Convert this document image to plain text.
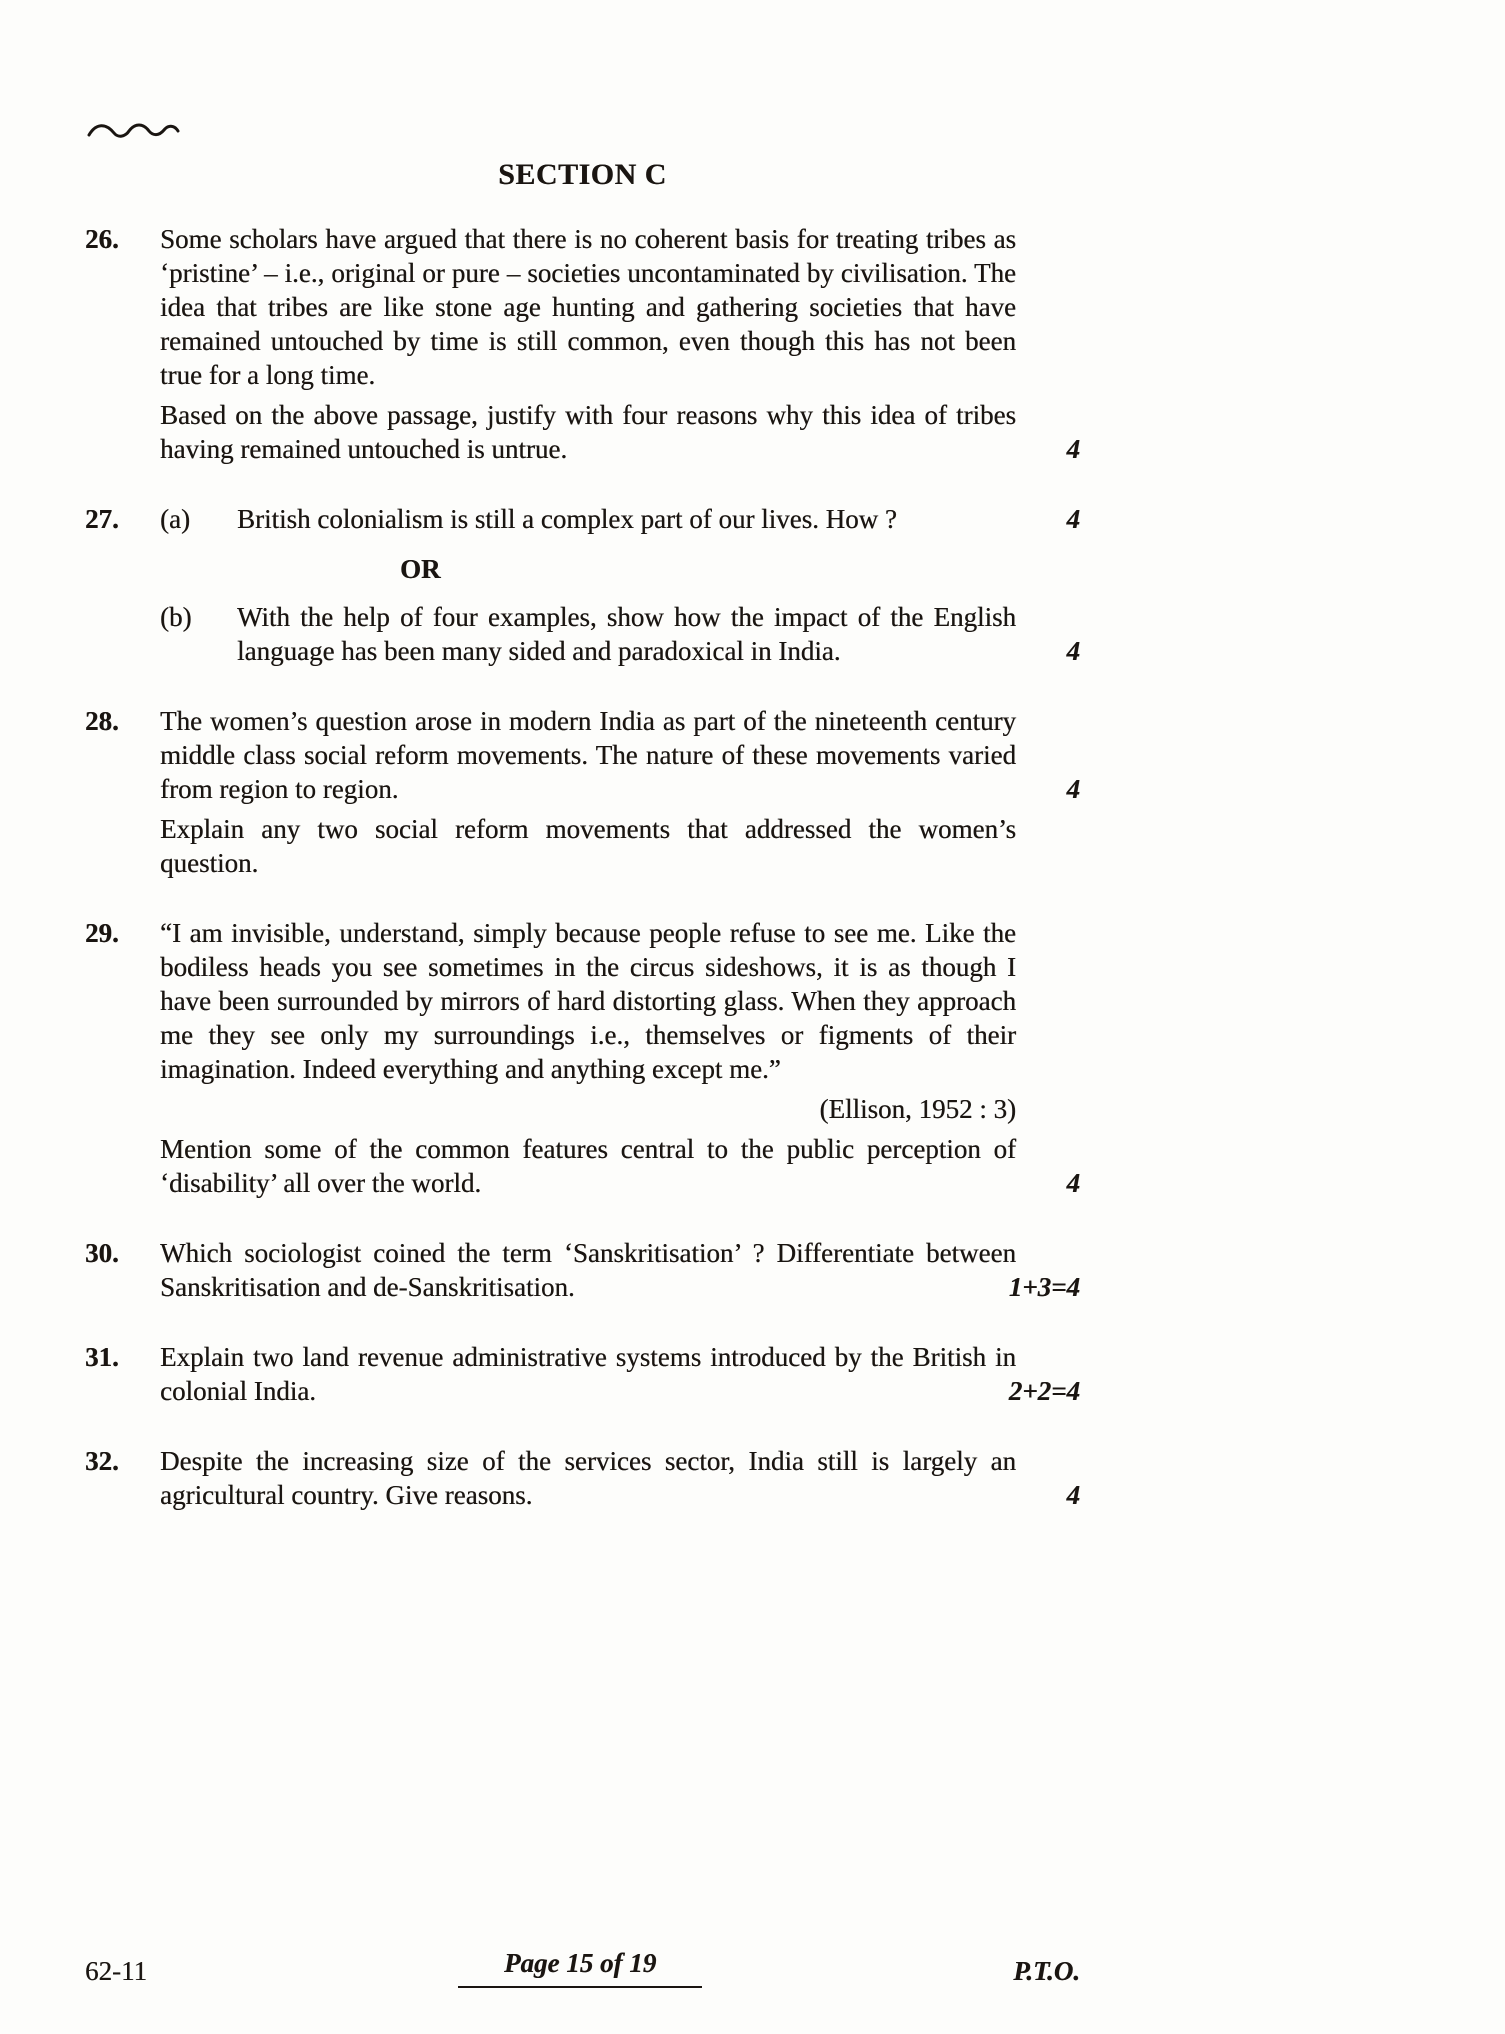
SECTION C
26.	Some scholars have argued that there is no coherent basis for treating tribes as ‘pristine’ – i.e., original or pure – societies uncontaminated by civilisation. The idea that tribes are like stone age hunting and gathering societies that have remained untouched by time is still common, even though this has not been true for a long time.

Based on the above passage, justify with four reasons why this idea of tribes having remained untouched is untrue.	4

27.	(a)	British colonialism is still a complex part of our lives. How ?	4

OR
(b)	With the help of four examples, show how the impact of the English language has been many sided and paradoxical in India.	4

28.	The women’s question arose in modern India as part of the nineteenth century middle class social reform movements. The nature of these movements varied from region to region.	4

Explain any two social reform movements that addressed the women’s question.

29.	“I am invisible, understand, simply because people refuse to see me. Like the bodiless heads you see sometimes in the circus sideshows, it is as though I have been surrounded by mirrors of hard distorting glass. When they approach me they see only my surroundings i.e., themselves or figments of their imagination. Indeed everything and anything except me.”

(Ellison, 1952 : 3)

Mention some of the common features central to the public perception of ‘disability’ all over the world.	4

30.	Which sociologist coined the term ‘Sanskritisation’ ? Differentiate between Sanskritisation and de-Sanskritisation.	1+3=4

31.	Explain two land revenue administrative systems introduced by the British in colonial India.	2+2=4

32.	Despite the increasing size of the services sector, India still is largely an agricultural country. Give reasons.	4

62-11	Page 15 of 19	P.T.O.
